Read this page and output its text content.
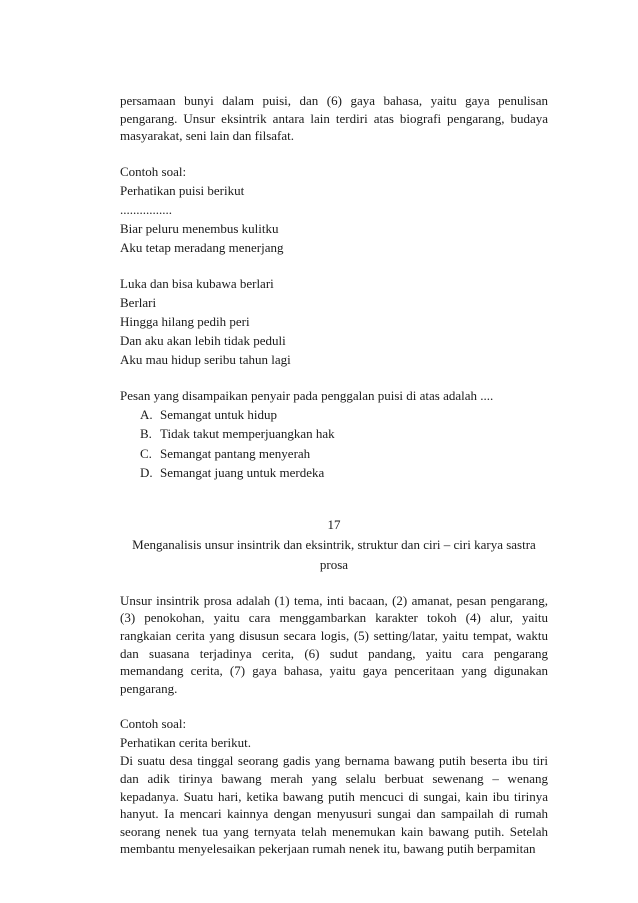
persamaan bunyi dalam puisi, dan (6) gaya bahasa, yaitu gaya penulisan pengarang. Unsur eksintrik antara lain terdiri atas biografi pengarang, budaya masyarakat, seni lain dan filsafat.

Contoh soal:

Perhatikan puisi berikut

................

Biar peluru menembus kulitku

Aku tetap meradang menerjang

Luka dan bisa kubawa berlari

Berlari

Hingga hilang pedih peri

Dan aku akan lebih tidak peduli

Aku mau hidup seribu tahun lagi

Pesan yang disampaikan penyair pada penggalan puisi di atas adalah ....

A. Semangat untuk hidup
B. Tidak takut memperjuangkan hak
C. Semangat pantang menyerah
D. Semangat juang untuk merdeka

17

Menganalisis unsur insintrik dan eksintrik, struktur dan ciri – ciri karya sastra

prosa

Unsur insintrik prosa adalah (1) tema, inti bacaan, (2) amanat, pesan pengarang, (3) penokohan, yaitu cara menggambarkan karakter tokoh (4) alur, yaitu rangkaian cerita yang disusun secara logis, (5) setting/latar, yaitu tempat, waktu dan suasana terjadinya cerita, (6) sudut pandang, yaitu cara pengarang memandang cerita, (7) gaya bahasa, yaitu gaya penceritaan yang digunakan pengarang.

Contoh soal:

Perhatikan cerita berikut.

Di suatu desa tinggal seorang gadis yang bernama bawang putih beserta ibu tiri dan adik tirinya bawang merah yang selalu berbuat sewenang – wenang kepadanya. Suatu hari, ketika bawang putih mencuci di sungai, kain ibu tirinya hanyut. Ia mencari kainnya dengan menyusuri sungai dan sampailah di rumah seorang nenek tua yang ternyata telah menemukan kain bawang putih. Setelah membantu menyelesaikan pekerjaan rumah nenek itu, bawang putih berpamitan
